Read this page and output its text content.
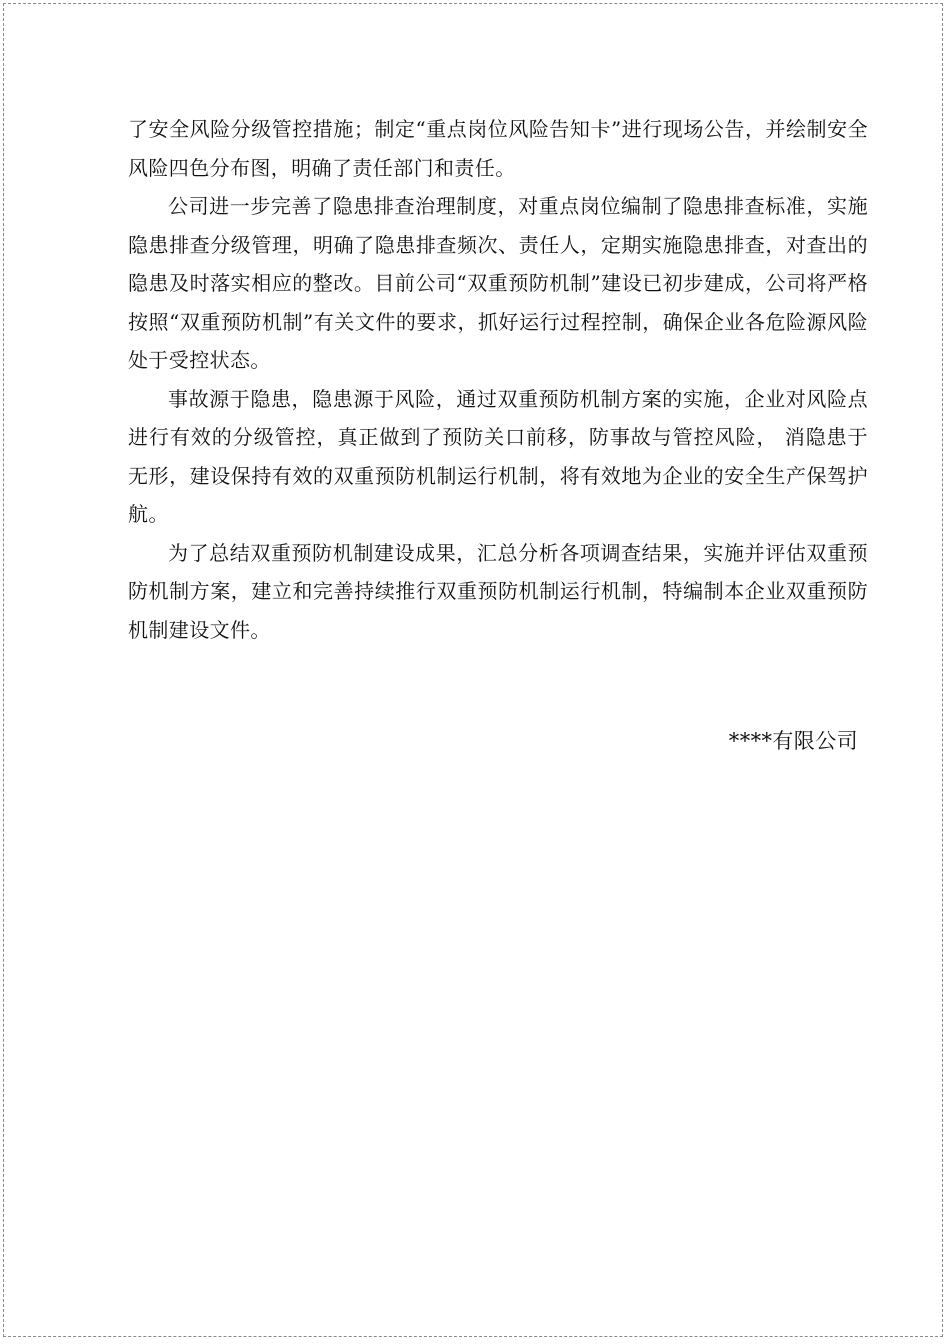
了安全风险分级管控措施；制定“重点岗位风险告知卡”进行现场公告，并绘制安全风险四色分布图，明确了责任部门和责任。

公司进一步完善了隐患排查治理制度，对重点岗位编制了隐患排查标准，实施隐患排查分级管理，明确了隐患排查频次、责任人，定期实施隐患排查，对查出的隐患及时落实相应的整改。目前公司“双重预防机制”建设已初步建成，公司将严格按照“双重预防机制”有关文件的要求，抓好运行过程控制，确保企业各危险源风险处于受控状态。

事故源于隐患，隐患源于风险，通过双重预防机制方案的实施，企业对风险点进行有效的分级管控，真正做到了预防关口前移，防事故与管控风险， 消隐患于无形，建设保持有效的双重预防机制运行机制，将有效地为企业的安全生产保驾护航。

为了总结双重预防机制建设成果，汇总分析各项调查结果，实施并评估双重预防机制方案，建立和完善持续推行双重预防机制运行机制，特编制本企业双重预防机制建设文件。

****有限公司
